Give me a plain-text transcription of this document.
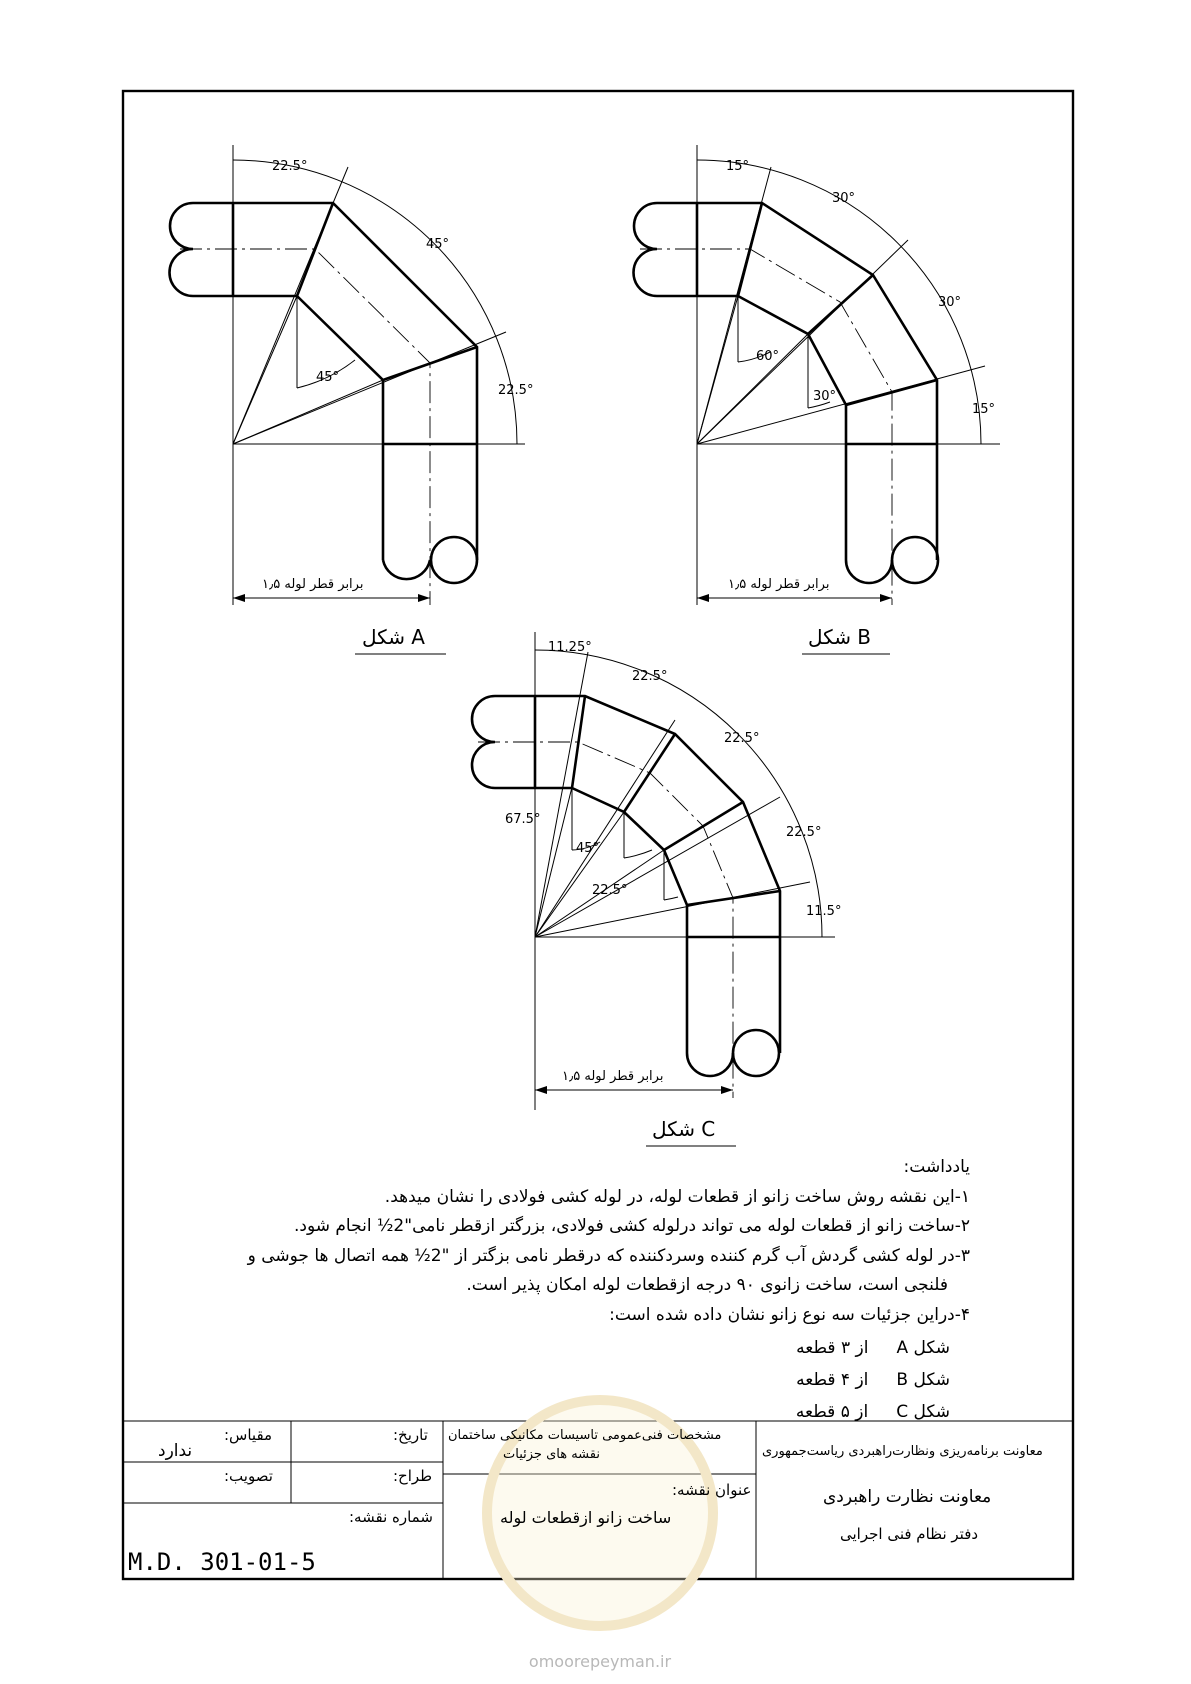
22.5°
45°
45°
22.5°
۱٫۵ برابر قطر لوله
شکل A
15°
30°
30°
60°
30°
15°
۱٫۵ برابر قطر لوله
شکل B
11.25°
22.5°
22.5°
22.5°
67.5°
45°
22.5°
11.5°
۱٫۵ برابر قطر لوله
شکل C
omoorepeyman.ir
یادداشت:
۱-این نقشه روش ساخت زانو از قطعات لوله، در لوله کشی فولادی را نشان میدهد.
۲-ساخت زانو از قطعات لوله می تواند درلوله کشی فولادی، بزرگتر ازقطر نامی"2½ انجام شود.
۳-در لوله کشی گردش آب گرم کننده وسردکننده که درقطر نامی بزگتر از "2½ همه اتصال ها جوشی و
فلنجی است، ساخت زانوی ۹۰ درجه ازقطعات لوله امکان پذیر است.
۴-دراین جزئیات سه نوع زانو نشان داده شده است:
شکل A
از ۳ قطعه
شکل B
از ۴ قطعه
شکل C
از ۵ قطعه
مقیاس:
ندارد
تاریخ:
تصویب:	طراح:
شماره نقشه:
M.D. 301-01-5
مشخصات فنی‌عمومی تاسیسات مکانیکی ساختمان
نقشه های جزئیات
عنوان نقشه:
ساخت زانو ازقطعات لوله
معاونت برنامه‌ریزی ونظارت‌راهبردی ریاست‌جمهوری
معاونت نظارت راهبردی
دفتر نظام فنی اجرایی
